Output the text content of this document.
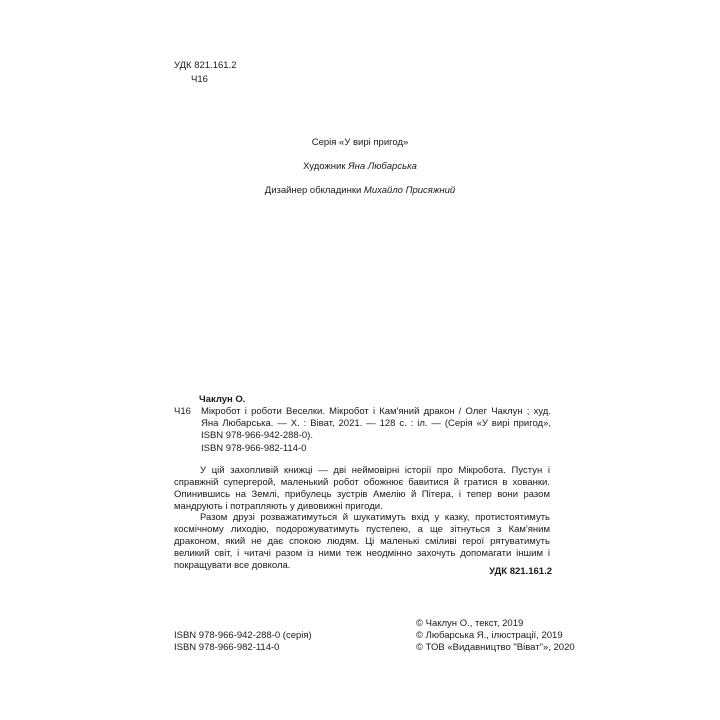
УДК 821.161.2
Ч16
Серія «У вирі пригод»
Художник Яна Любарська
Дизайнер обкладинки Михайло Присяжний
Чаклун О.
Ч16 Мікробот і роботи Веселки. Мікробот і Кам'яний дракон / Олег Чаклун ; худ. Яна Любарська. — Х. : Віват, 2021. — 128 с. : іл. — (Серія «У вирі пригод»,
ISBN 978-966-942-288-0).
ISBN 978-966-982-114-0

У цій захопливій книжці — дві неймовірні історії про Мікробота. Пустун і справжній супергерой, маленький робот обожнює бавитися й гратися в хованки. Опинившись на Землі, прибулець зустрів Амелію й Пітера, і тепер вони разом мандрують і потрапляють у дивовижні пригоди.

Разом друзі розважатимуться й шукатимуть вхід у казку, протистоятимуть космічному лиходію, подорожуватимуть пустелею, а ще зітнуться з Кам'яним драконом, який не дає спокою людям. Ці маленькі сміливі герої рятуватимуть великий світ, і читачі разом із ними теж неодмінно захочуть допомагати іншим і покращувати все довкола.

УДК 821.161.2
ISBN 978-966-942-288-0 (серія)
ISBN 978-966-982-114-0
© Чаклун О., текст, 2019
© Любарська Я., ілюстрації, 2019
© ТОВ «Видавництво "Віват"», 2020
